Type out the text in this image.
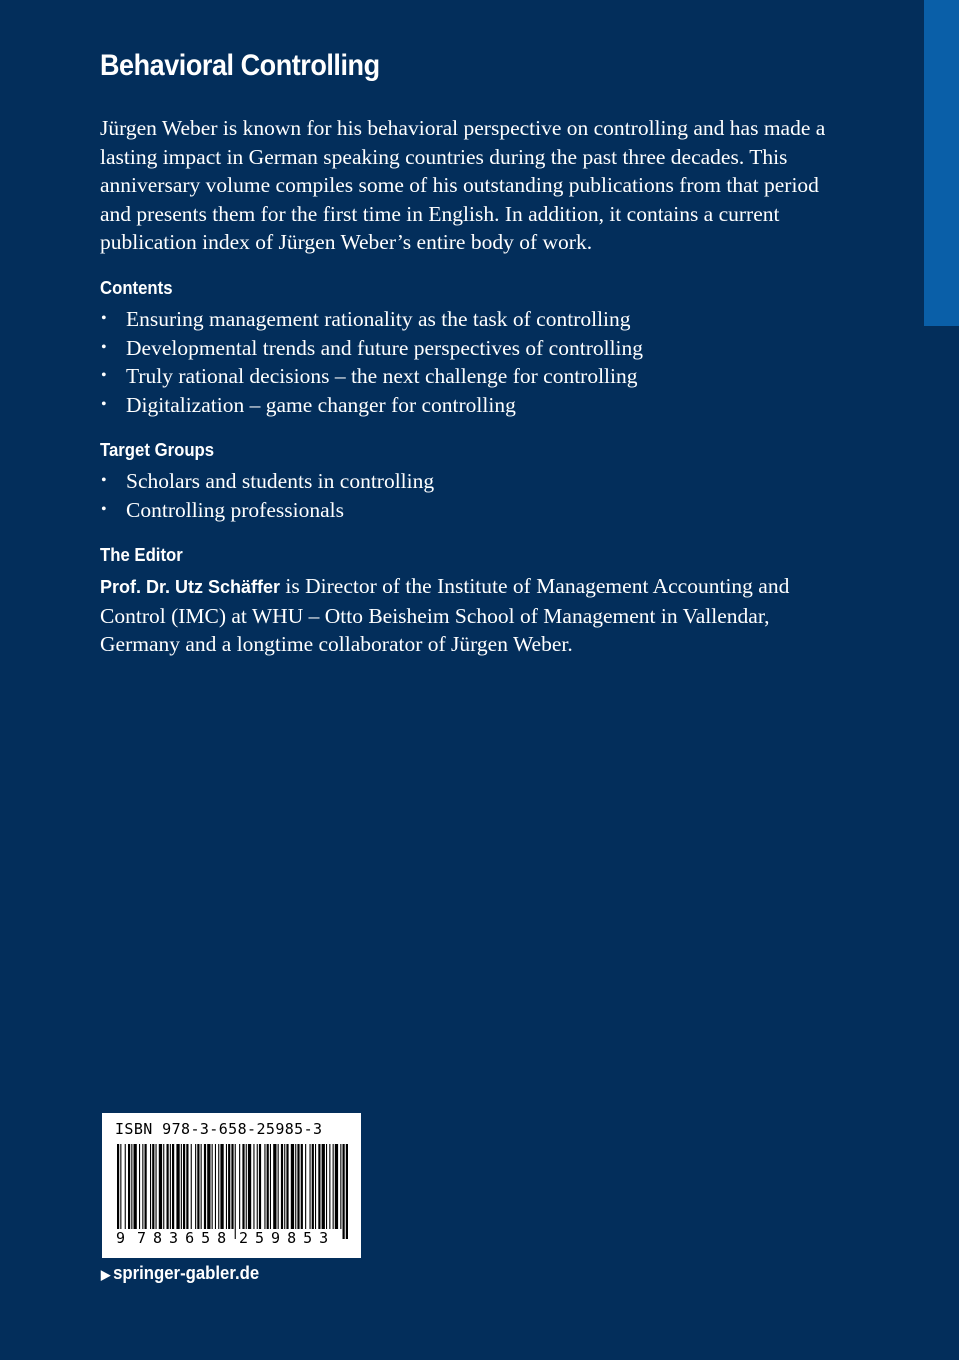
Behavioral Controlling

Jürgen Weber is known for his behavioral perspective on controlling and has made a lasting impact in German speaking countries during the past three decades. This anniversary volume compiles some of his outstanding publications from that period and presents them for the first time in English. In addition, it contains a current publication index of Jürgen Weber’s entire body of work.

Contents
• Ensuring management rationality as the task of controlling
• Developmental trends and future perspectives of controlling
• Truly rational decisions – the next challenge for controlling
• Digitalization – game changer for controlling
Target Groups
• Scholars and students in controlling
• Controlling professionals
The Editor

Prof. Dr. Utz Schäffer is Director of the Institute of Management Accounting and Control (IMC) at WHU – Otto Beisheim School of Management in Vallendar, Germany and a longtime collaborator of Jürgen Weber.

ISBN 978-3-658-25985-3

9 783658 259853

▶ springer-gabler.de
